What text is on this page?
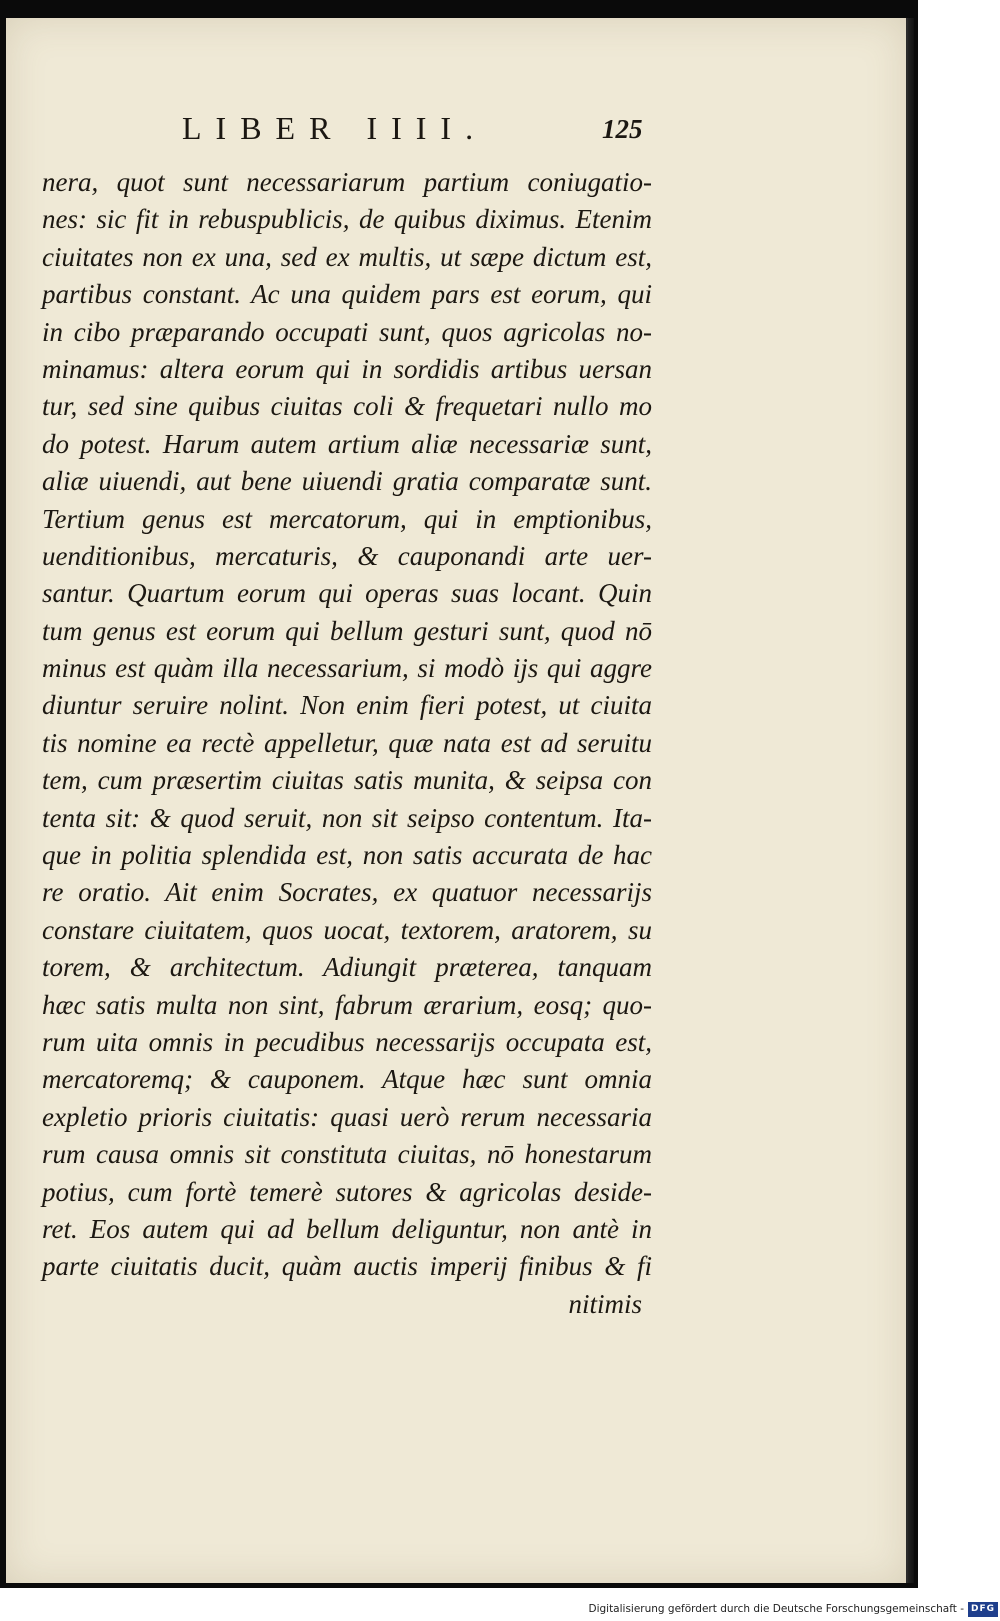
LIBER IIII.	125
nera, quot sunt necessariarum partium coniugatio-
nes: sic fit in rebuspublicis, de quibus diximus. Etenim
ciuitates non ex una, sed ex multis, ut sæpe dictum est,
partibus constant. Ac una quidem pars est eorum, qui
in cibo præparando occupati sunt, quos agricolas no-
minamus: altera eorum qui in sordidis artibus uersan
tur, sed sine quibus ciuitas coli & frequetari nullo mo
do potest. Harum autem artium aliæ necessariæ sunt,
aliæ uiuendi, aut bene uiuendi gratia comparatæ sunt.
Tertium genus est mercatorum, qui in emptionibus,
uenditionibus, mercaturis, & cauponandi arte uer-
santur. Quartum eorum qui operas suas locant. Quin
tum genus est eorum qui bellum gesturi sunt, quod nō
minus est quàm illa necessarium, si modò ijs qui aggre
diuntur seruire nolint. Non enim fieri potest, ut ciuita
tis nomine ea rectè appelletur, quæ nata est ad seruitu
tem, cum præsertim ciuitas satis munita, & seipsa con
tenta sit: & quod seruit, non sit seipso contentum. Ita-
que in politia splendida est, non satis accurata de hac
re oratio. Ait enim Socrates, ex quatuor necessarijs
constare ciuitatem, quos uocat, textorem, aratorem, su
torem, & architectum. Adiungit præterea, tanquam
hæc satis multa non sint, fabrum ærarium, eosq; quo-
rum uita omnis in pecudibus necessarijs occupata est,
mercatoremq; & cauponem. Atque hæc sunt omnia
expletio prioris ciuitatis: quasi uerò rerum necessaria
rum causa omnis sit constituta ciuitas, nō honestarum
potius, cum fortè temerè sutores & agricolas deside-
ret. Eos autem qui ad bellum deliguntur, non antè in
parte ciuitatis ducit, quàm auctis imperij finibus & fi
nitimis
Digitalisierung gefördert durch die Deutsche Forschungsgemeinschaft - DFG
